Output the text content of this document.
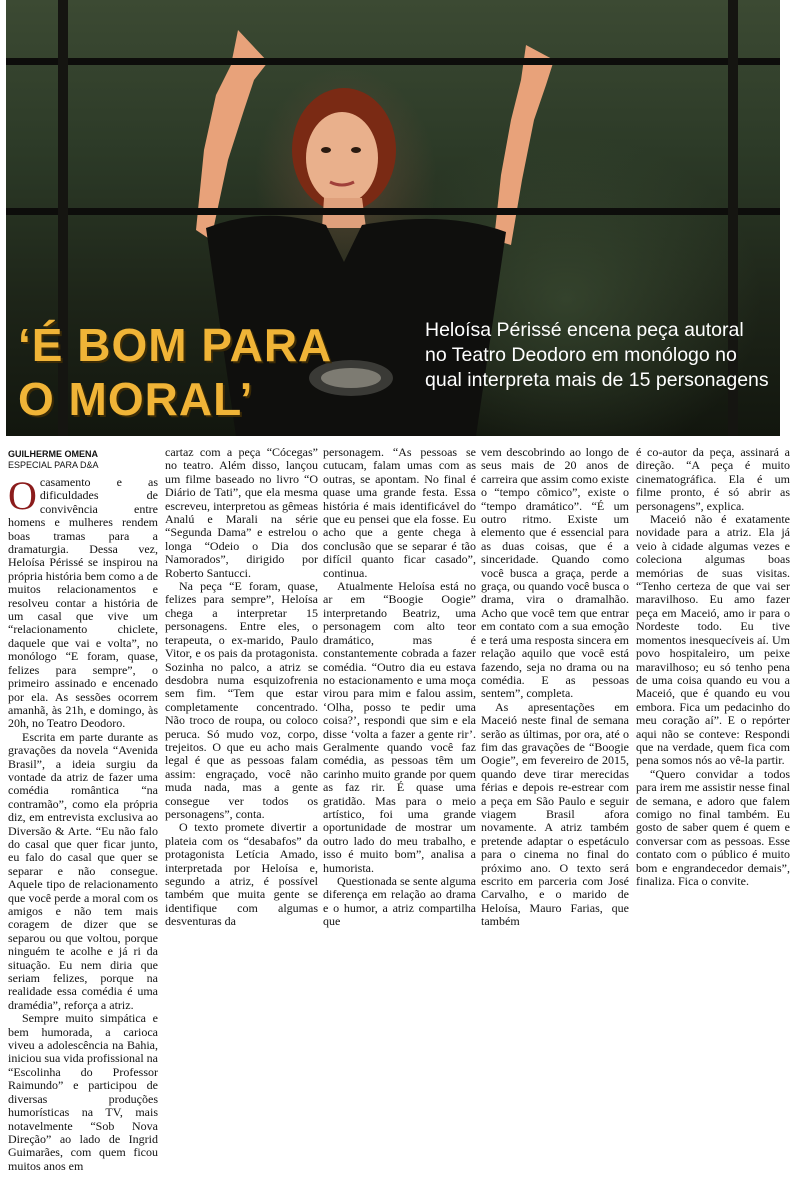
‘É BOM PARA
O MORAL’
Heloísa Périssé encena peça autoral no Teatro Deodoro em monólogo no qual interpreta mais de 15 personagens
GUILHERME OMENA
ESPECIAL PARA D&A

Ocasamento e as dificuldades de convivência entre homens e mulheres rendem boas tramas para a dramaturgia. Dessa vez, Heloísa Périssé se inspirou na própria história bem como a de muitos relacionamentos e resolveu contar a história de um casal que vive um “relacionamento chiclete, daquele que vai e volta”, no monólogo “E foram, quase, felizes para sempre”, o primeiro assinado e encenado por ela. As sessões ocorrem amanhã, às 21h, e domingo, às 20h, no Teatro Deodoro.

Escrita em parte durante as gravações da novela “Avenida Brasil”, a ideia surgiu da vontade da atriz de fazer uma comédia romântica “na contramão”, como ela própria diz, em entrevista exclusiva ao Diversão & Arte. “Eu não falo do casal que quer ficar junto, eu falo do casal que quer se separar e não consegue. Aquele tipo de relacionamento que você perde a moral com os amigos e não tem mais coragem de dizer que se separou ou que voltou, porque ninguém te acolhe e já ri da situação. Eu nem diria que seriam felizes, porque na realidade essa comédia é uma dramédia”, reforça a atriz.

Sempre muito simpática e bem humorada, a carioca viveu a adolescência na Bahia, iniciou sua vida profissional na “Escolinha do Professor Raimundo” e participou de diversas produções humorísticas na TV, mais notavelmente “Sob Nova Direção” ao lado de Ingrid Guimarães, com quem ficou muitos anos em

cartaz com a peça “Cócegas” no teatro. Além disso, lançou um filme baseado no livro “O Diário de Tati”, que ela mesma escreveu, interpretou as gêmeas Analú e Marali na série “Segunda Dama” e estrelou o longa “Odeio o Dia dos Namorados”, dirigido por Roberto Santucci.

Na peça “E foram, quase, felizes para sempre”, Heloísa chega a interpretar 15 personagens. Entre eles, o terapeuta, o ex-marido, Paulo Vitor, e os pais da protagonista. Sozinha no palco, a atriz se desdobra numa esquizofrenia sem fim. “Tem que estar completamente concentrado. Não troco de roupa, ou coloco peruca. Só mudo voz, corpo, trejeitos. O que eu acho mais legal é que as pessoas falam assim: engraçado, você não muda nada, mas a gente consegue ver todos os personagens”, conta.

O texto promete divertir a plateia com os “desabafos” da protagonista Letícia Amado, interpretada por Heloísa e, segundo a atriz, é possível também que muita gente se identifique com algumas desventuras da

personagem. “As pessoas se cutucam, falam umas com as outras, se apontam. No final é quase uma grande festa. Essa história é mais identificável do que eu pensei que ela fosse. Eu acho que a gente chega à conclusão que se separar é tão difícil quanto ficar casado”, continua.

Atualmente Heloísa está no ar em “Boogie Oogie” interpretando Beatriz, uma personagem com alto teor dramático, mas é constantemente cobrada a fazer comédia. “Outro dia eu estava no estacionamento e uma moça virou para mim e falou assim, ‘Olha, posso te pedir uma coisa?’, respondi que sim e ela disse ‘volta a fazer a gente rir’. Geralmente quando você faz comédia, as pessoas têm um carinho muito grande por quem as faz rir. É quase uma gratidão. Mas para o meio artístico, foi uma grande oportunidade de mostrar um outro lado do meu trabalho, e isso é muito bom”, analisa a humorista.

Questionada se sente alguma diferença em relação ao drama e o humor, a atriz compartilha que

vem descobrindo ao longo de seus mais de 20 anos de carreira que assim como existe o “tempo cômico”, existe o “tempo dramático”. “É um outro ritmo. Existe um elemento que é essencial para as duas coisas, que é a sinceridade. Quando como você busca a graça, perde a graça, ou quando você busca o drama, vira o dramalhão. Acho que você tem que entrar em contato com a sua emoção e terá uma resposta sincera em relação aquilo que você está fazendo, seja no drama ou na comédia. E as pessoas sentem”, completa.

As apresentações em Maceió neste final de semana serão as últimas, por ora, até o fim das gravações de “Boogie Oogie”, em fevereiro de 2015, quando deve tirar merecidas férias e depois re-estrear com a peça em São Paulo e seguir viagem Brasil afora novamente. A atriz também pretende adaptar o espetáculo para o cinema no final do próximo ano. O texto será escrito em parceria com José Carvalho, e o marido de Heloísa, Mauro Farias, que também

é co-autor da peça, assinará a direção. “A peça é muito cinematográfica. Ela é um filme pronto, é só abrir as personagens”, explica.

Maceió não é exatamente novidade para a atriz. Ela já veio à cidade algumas vezes e coleciona algumas boas memórias de suas visitas. “Tenho certeza de que vai ser maravilhoso. Eu amo fazer peça em Maceió, amo ir para o Nordeste todo. Eu tive momentos inesquecíveis aí. Um povo hospitaleiro, um peixe maravilhoso; eu só tenho pena de uma coisa quando eu vou a Maceió, que é quando eu vou embora. Fica um pedacinho do meu coração aí”. E o repórter aqui não se conteve: Respondi que na verdade, quem fica com pena somos nós ao vê-la partir.

“Quero convidar a todos para irem me assistir nesse final de semana, e adoro que falem comigo no final também. Eu gosto de saber quem é quem e conversar com as pessoas. Esse contato com o público é muito bom e engrandecedor demais”, finaliza. Fica o convite.
